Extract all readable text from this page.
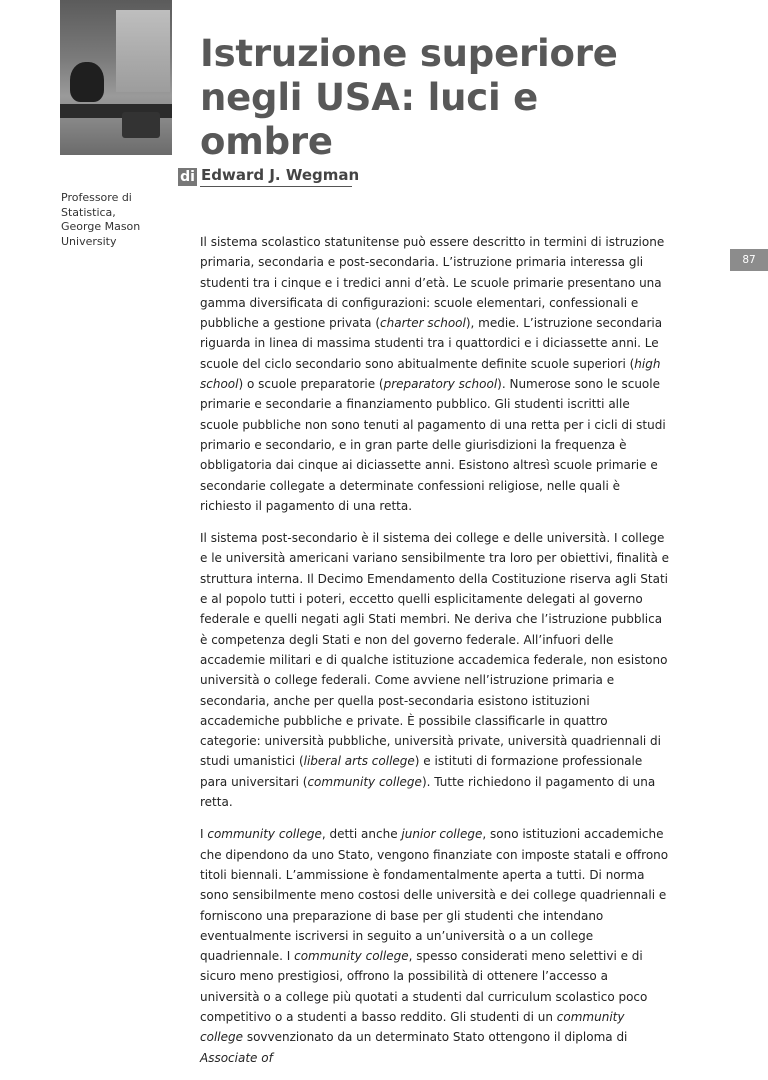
Istruzione superiore
negli USA: luci e ombre
di Edward J. Wegman
Professore di Statistica,
George Mason
University
87

Il sistema scolastico statunitense può essere descritto in termini di istruzione primaria, secondaria e post-secondaria. L’istruzione primaria interessa gli studenti tra i cinque e i tredici anni d’età. Le scuole primarie presentano una gamma diversificata di configurazioni: scuole elementari, confessionali e pubbliche a gestione privata (charter school), medie. L’istruzione secondaria riguarda in linea di massima studenti tra i quattordici e i diciassette anni. Le scuole del ciclo secondario sono abitualmente definite scuole superiori (high school) o scuole preparatorie (preparatory school). Numerose sono le scuole primarie e secondarie a finanziamento pubblico. Gli studenti iscritti alle scuole pubbliche non sono tenuti al pagamento di una retta per i cicli di studi primario e secondario, e in gran parte delle giurisdizioni la frequenza è obbligatoria dai cinque ai diciassette anni. Esistono altresì scuole primarie e secondarie collegate a determinate confessioni religiose, nelle quali è richiesto il pagamento di una retta.

Il sistema post-secondario è il sistema dei college e delle università. I college e le università americani variano sensibilmente tra loro per obiettivi, finalità e struttura interna. Il Decimo Emendamento della Costituzione riserva agli Stati e al popolo tutti i poteri, eccetto quelli esplicitamente delegati al governo federale e quelli negati agli Stati membri. Ne deriva che l’istruzione pubblica è competenza degli Stati e non del governo federale. All’infuori delle accademie militari e di qualche istituzione accademica federale, non esistono università o college federali. Come avviene nell’istruzione primaria e secondaria, anche per quella post-secondaria esistono istituzioni accademiche pubbliche e private. È possibile classificarle in quattro categorie: università pubbliche, università private, università quadriennali di studi umanistici (liberal arts college) e istituti di formazione professionale para universitari (community college). Tutte richiedono il pagamento di una retta.

I community college, detti anche junior college, sono istituzioni accademiche che dipendono da uno Stato, vengono finanziate con imposte statali e offrono titoli biennali. L’ammissione è fondamentalmente aperta a tutti. Di norma sono sensibilmente meno costosi delle università e dei college quadriennali e forniscono una preparazione di base per gli studenti che intendano eventualmente iscriversi in seguito a un’università o a un college quadriennale. I community college, spesso considerati meno selettivi e di sicuro meno prestigiosi, offrono la possibilità di ottenere l’accesso a università o a college più quotati a studenti dal curriculum scolastico poco competitivo o a studenti a basso reddito. Gli studenti di un community college sovvenzionato da un determinato Stato ottengono il diploma di Associate of
